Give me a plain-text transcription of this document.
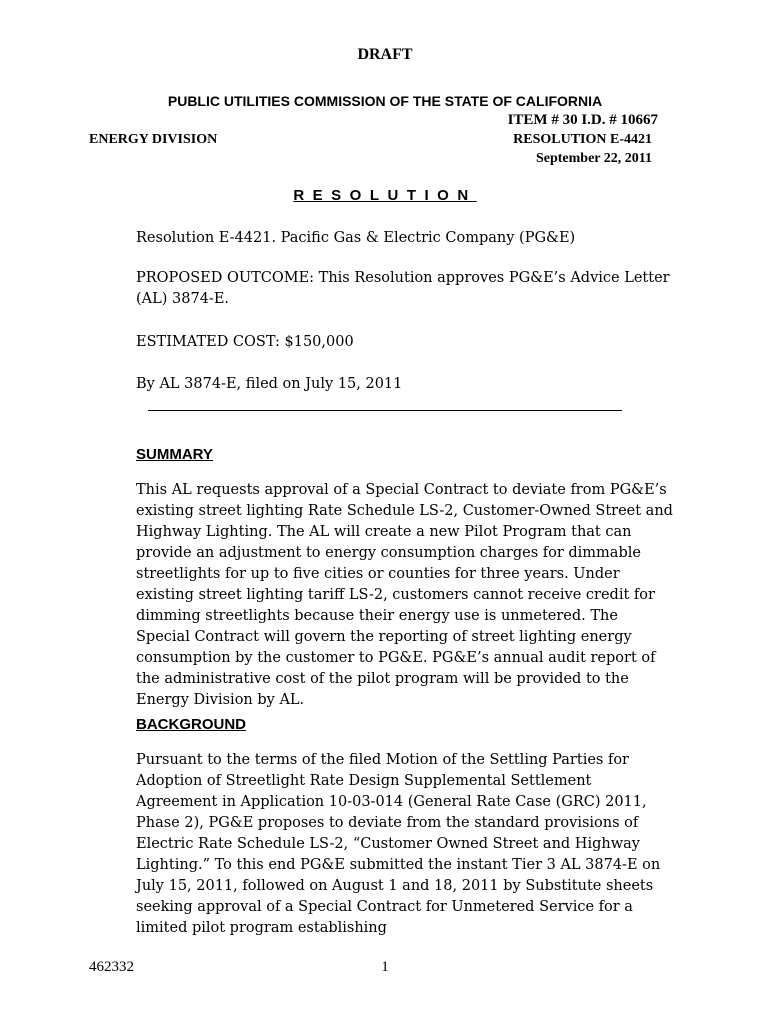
DRAFT
PUBLIC UTILITIES COMMISSION OF THE STATE OF CALIFORNIA
ITEM # 30 I.D. # 10667
ENERGY DIVISION	RESOLUTION E-4421
September 22, 2011
RESOLUTION
Resolution E-4421. Pacific Gas & Electric Company (PG&E)
PROPOSED OUTCOME: This Resolution approves PG&E’s Advice Letter (AL) 3874-E.
ESTIMATED COST: $150,000
By AL 3874-E, filed on July 15, 2011
SUMMARY
This AL requests approval of a Special Contract to deviate from PG&E’s existing street lighting Rate Schedule LS-2, Customer-Owned Street and Highway Lighting. The AL will create a new Pilot Program that can provide an adjustment to energy consumption charges for dimmable streetlights for up to five cities or counties for three years. Under existing street lighting tariff LS-2, customers cannot receive credit for dimming streetlights because their energy use is unmetered. The Special Contract will govern the reporting of street lighting energy consumption by the customer to PG&E. PG&E’s annual audit report of the administrative cost of the pilot program will be provided to the Energy Division by AL.
BACKGROUND
Pursuant to the terms of the filed Motion of the Settling Parties for Adoption of Streetlight Rate Design Supplemental Settlement Agreement in Application 10-03-014 (General Rate Case (GRC) 2011, Phase 2), PG&E proposes to deviate from the standard provisions of Electric Rate Schedule LS-2, “Customer Owned Street and Highway Lighting.” To this end PG&E submitted the instant Tier 3 AL 3874-E on July 15, 2011, followed on August 1 and 18, 2011 by Substitute sheets seeking approval of a Special Contract for Unmetered Service for a limited pilot program establishing
462332	1
